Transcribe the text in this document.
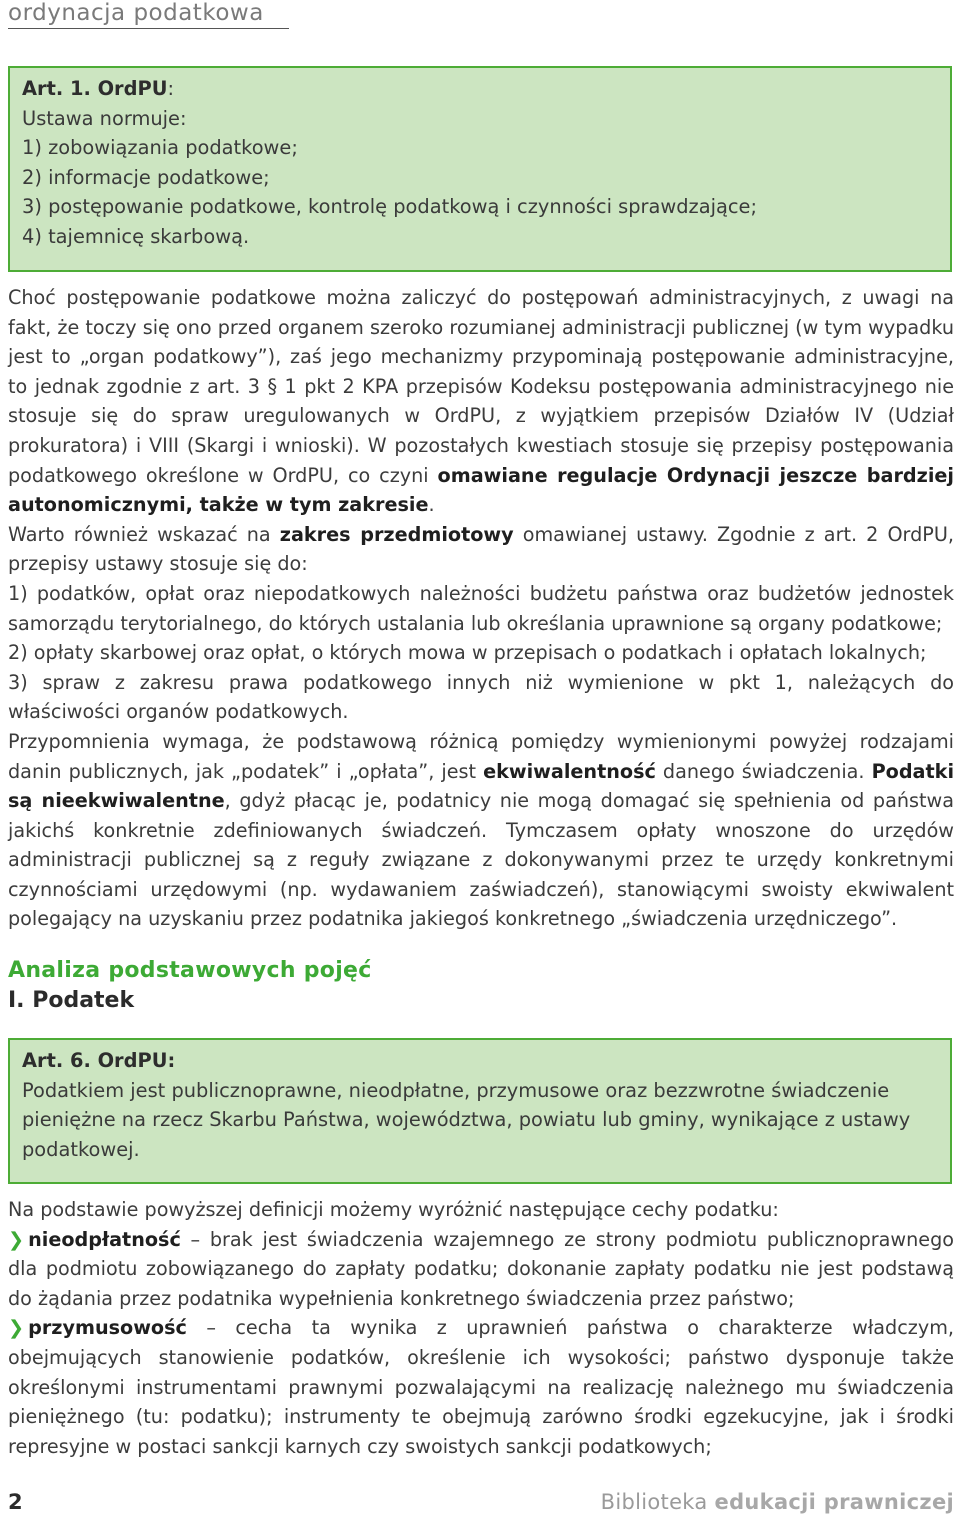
ordynacja podatkowa

Art. 1. OrdPU:

Ustawa normuje:

1) zobowiązania podatkowe;

2) informacje podatkowe;

3) postępowanie podatkowe, kontrolę podatkową i czynności sprawdzające;

4) tajemnicę skarbową.

Choć postępowanie podatkowe można zaliczyć do postępowań administracyjnych, z uwagi na fakt, że toczy się ono przed organem szeroko rozumianej administracji publicznej (w tym wypadku jest to „organ podatkowy”), zaś jego mechanizmy przypominają postępowanie administracyjne, to jednak zgodnie z art. 3 § 1 pkt 2 KPA przepisów Kodeksu postępowania administracyjnego nie stosuje się do spraw uregulowanych w OrdPU, z wyjątkiem przepisów Działów IV (Udział prokuratora) i VIII (Skargi i wnioski). W pozostałych kwestiach stosuje się przepisy postępowania podatkowego określone w OrdPU, co czyni omawiane regulacje Ordynacji jeszcze bardziej autonomicznymi, także w tym zakresie.

Warto również wskazać na zakres przedmiotowy omawianej ustawy. Zgodnie z art. 2 OrdPU, przepisy ustawy stosuje się do:

1) podatków, opłat oraz niepodatkowych należności budżetu państwa oraz budżetów jednostek samorządu terytorialnego, do których ustalania lub określania uprawnione są organy podatkowe;

2) opłaty skarbowej oraz opłat, o których mowa w przepisach o podatkach i opłatach lokalnych;

3) spraw z zakresu prawa podatkowego innych niż wymienione w pkt 1, należących do właściwości organów podatkowych.

Przypomnienia wymaga, że podstawową różnicą pomiędzy wymienionymi powyżej rodzajami danin publicznych, jak „podatek” i „opłata”, jest ekwiwalentność danego świadczenia. Podatki są nieekwiwalentne, gdyż płacąc je, podatnicy nie mogą domagać się spełnienia od państwa jakichś konkretnie zdefiniowanych świadczeń. Tymczasem opłaty wnoszone do urzędów administracji publicznej są z reguły związane z dokonywanymi przez te urzędy konkretnymi czynnościami urzędowymi (np. wydawaniem zaświadczeń), stanowiącymi swoisty ekwiwalent polegający na uzyskaniu przez podatnika jakiegoś konkretnego „świadczenia urzędniczego”.

Analiza podstawowych pojęć
I. Podatek

Art. 6. OrdPU:

Podatkiem jest publicznoprawne, nieodpłatne, przymusowe oraz bezzwrotne świadczenie pieniężne na rzecz Skarbu Państwa, województwa, powiatu lub gminy, wynikające z ustawy podatkowej.

Na podstawie powyższej definicji możemy wyróżnić następujące cechy podatku:

❯ nieodpłatność – brak jest świadczenia wzajemnego ze strony podmiotu publicznoprawnego dla podmiotu zobowiązanego do zapłaty podatku; dokonanie zapłaty podatku nie jest podstawą do żądania przez podatnika wypełnienia konkretnego świadczenia przez państwo;

❯ przymusowość – cecha ta wynika z uprawnień państwa o charakterze władczym, obejmujących stanowienie podatków, określenie ich wysokości; państwo dysponuje także określonymi instrumentami prawnymi pozwalającymi na realizację należnego mu świadczenia pieniężnego (tu: podatku); instrumenty te obejmują zarówno środki egzekucyjne, jak i środki represyjne w postaci sankcji karnych czy swoistych sankcji podatkowych;

2	Biblioteka edukacji prawniczej
